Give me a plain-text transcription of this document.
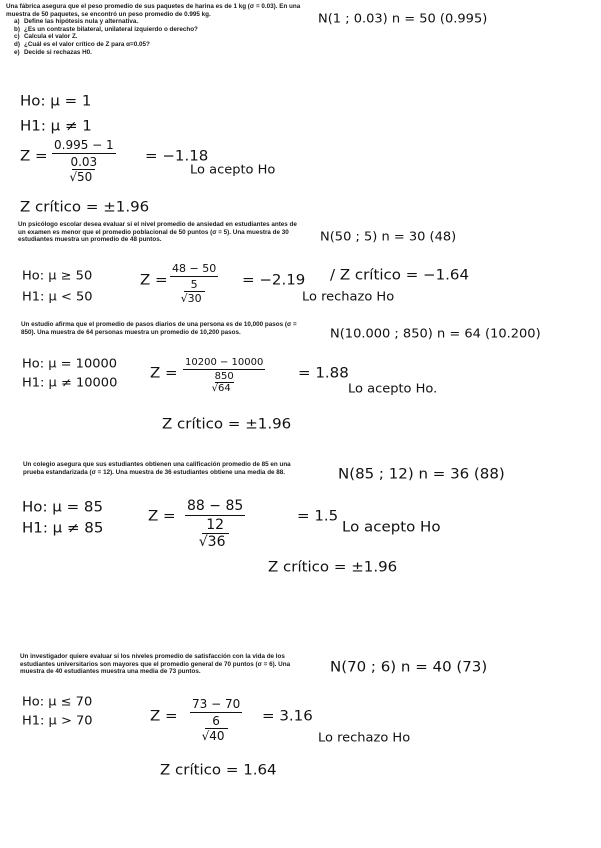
Una fábrica asegura que el peso promedio de sus paquetes de harina es de 1 kg (σ = 0.03). En una muestra de 50 paquetes, se encontró un peso promedio de 0.995 kg.
a) Define las hipótesis nula y alternativa.
b) ¿Es un contraste bilateral, unilateral izquierdo o derecho?
c) Calcula el valor Z.
d) ¿Cuál es el valor crítico de Z para α=0.05?
e) Decide si rechazas H0.
N(1 ; 0.03) n = 50 (0.995)
Ho: μ = 1
H1: μ ≠ 1
Z =
0.995 − 1
0.03
√ 50
= −1.18
Lo acepto Ho
Z crítico = ±1.96
Un psicólogo escolar desea evaluar si el nivel promedio de ansiedad en estudiantes antes de un examen es menor que el promedio poblacional de 50 puntos (σ = 5). Una muestra de 30 estudiantes muestra un promedio de 48 puntos.	N(50 ; 5) n = 30 (48)
Ho: μ ≥ 50
H1: μ < 50
Z =
48 − 50
5
√ 30
= −2.19 / Z crítico = −1.64
Lo rechazo Ho
Un estudio afirma que el promedio de pasos diarios de una persona es de 10,000 pasos (σ = 850). Una muestra de 64 personas muestra un promedio de 10,200 pasos.	N(10.000 ; 850) n = 64 (10.200)
Ho: μ = 10000
H1: μ ≠ 10000
Z =
10200 − 10000
850
√ 64
= 1.88
Lo acepto Ho.
Z crítico = ±1.96
Un colegio asegura que sus estudiantes obtienen una calificación promedio de 85 en una prueba estandarizada (σ = 12). Una muestra de 36 estudiantes obtiene una media de 88.	N(85 ; 12) n = 36 (88)
Ho: μ = 85
H1: μ ≠ 85
Z =
88 − 85
12
√ 36
= 1.5
Lo acepto Ho
Z crítico = ±1.96
Un investigador quiere evaluar si los niveles promedio de satisfacción con la vida de los estudiantes universitarios son mayores que el promedio general de 70 puntos (σ = 6). Una muestra de 40 estudiantes muestra una media de 73 puntos.	N(70 ; 6) n = 40 (73)
Ho: μ ≤ 70
H1: μ > 70	Z =
73 − 70
6
√ 40
= 3.16
Lo rechazo Ho
Z crítico = 1.64
